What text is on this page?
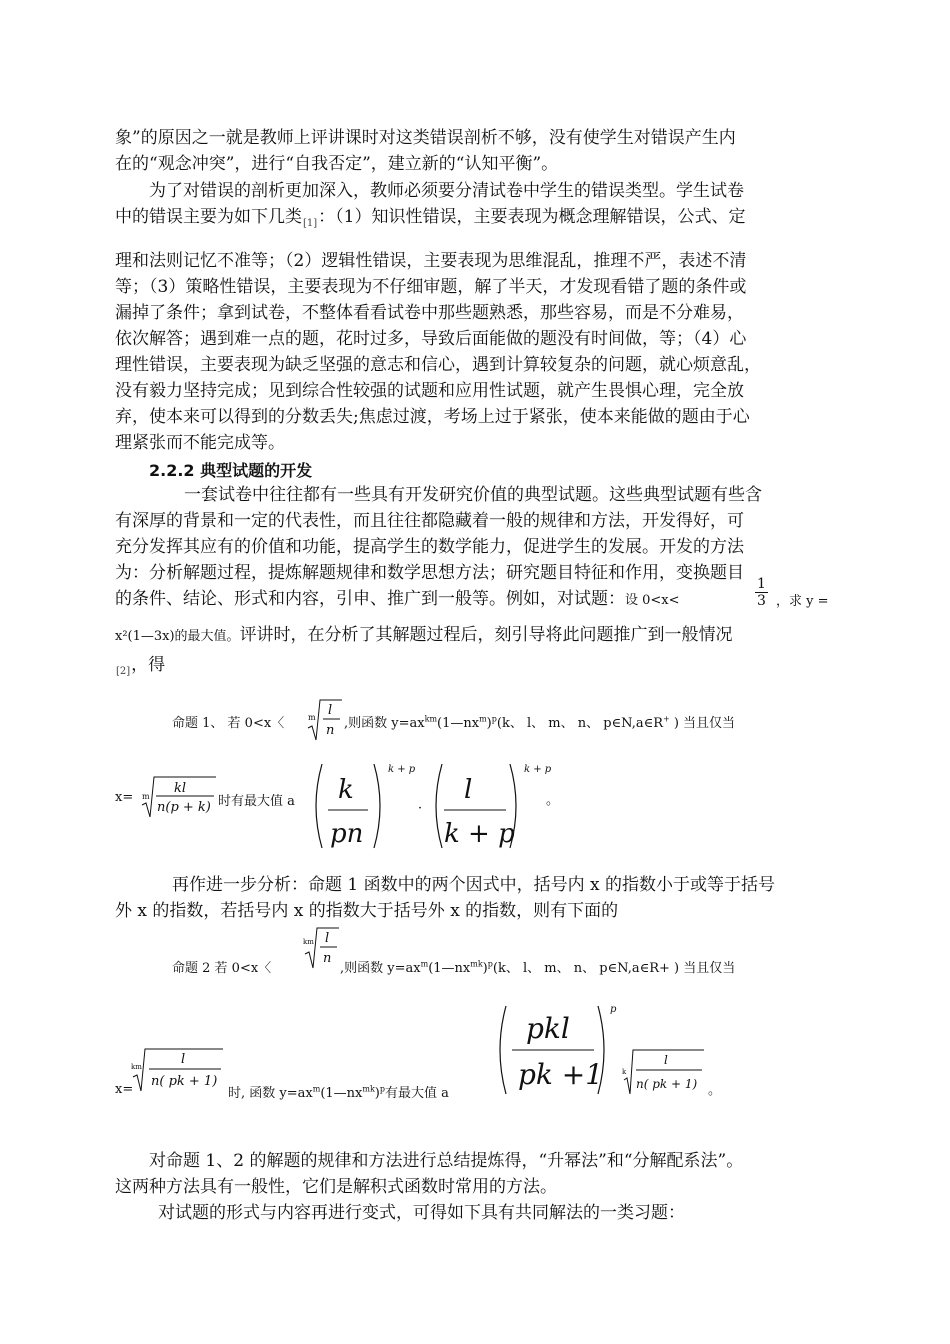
象”的原因之一就是教师上评讲课时对这类错误剖析不够，没有使学生对错误产生内
在的“观念冲突”，进行“自我否定”，建立新的“认知平衡”。
为了对错误的剖析更加深入，教师必须要分清试卷中学生的错误类型。学生试卷
中的错误主要为如下几类$_{[1]}$：（1）知识性错误，主要表现为概念理解错误，公式、定
理和法则记忆不准等；（2）逻辑性错误，主要表现为思维混乱，推理不严，表述不清
等；（3）策略性错误，主要表现为不仔细审题，解了半天，才发现看错了题的条件或
漏掉了条件；拿到试卷，不整体看看试卷中那些题熟悉，那些容易，而是不分难易，
依次解答；遇到难一点的题，花时过多，导致后面能做的题没有时间做，等；（4）心
理性错误，主要表现为缺乏坚强的意志和信心，遇到计算较复杂的问题，就心烦意乱，
没有毅力坚持完成；见到综合性较强的试题和应用性试题，就产生畏惧心理，完全放
弃，使本来可以得到的分数丢失;焦虑过渡，考场上过于紧张，使本来能做的题由于心
理紧张而不能完成等。
2.2.2 典型试题的开发
一套试卷中往往都有一些具有开发研究价值的典型试题。这些典型试题有些含
有深厚的背景和一定的代表性，而且往往都隐藏着一般的规律和方法，开发得好，可
充分发挥其应有的价值和功能，提高学生的数学能力，促进学生的发展。开发的方法
为：分析解题过程，提炼解题规律和数学思想方法；研究题目特征和作用，变换题目
的条件、结论、形式和内容，引申、推广到一般等。例如，对试题：设 0<x<	$\frac{1}{3}$ ，求 y =
x²(1—3x)的最大值。评讲时，在分析了其解题过程后，刻引导将此问题推广到一般情况
$_{[2]}$，得
命题 1、 若 0<x〈	m l
n ,则函数 $y=ax^{km}(1—nx^m)^p(k$、 l、 m、 n、 p∈N,a∈R+ ) 当且仅当
x= m
kl
n(p + k) 时有最大值 a k
pn
k + p
·
l
k + p
k + p
。
再作进一步分析：命题 1 函数中的两个因式中，括号内 x 的指数小于或等于括号
外 x 的指数，若括号内 x 的指数大于括号外 x 的指数，则有下面的
命题 2 若 0<x〈
km l
n
,则函数 $y=ax^m(1—nx^{mk})^p(k$、 l、 m、 n、 p∈N,a∈R+ ) 当且仅当
x=
km	l
n( pk + 1)
时, 函数 $y=ax^m(1—nx^{mk})^p$有最大值 a
pkl
pk +1
p
k
l
n( pk + 1) 。
对命题 1、2 的解题的规律和方法进行总结提炼得，“升幂法”和“分解配系法”。
这两种方法具有一般性，它们是解积式函数时常用的方法。
对试题的形式与内容再进行变式，可得如下具有共同解法的一类习题：
